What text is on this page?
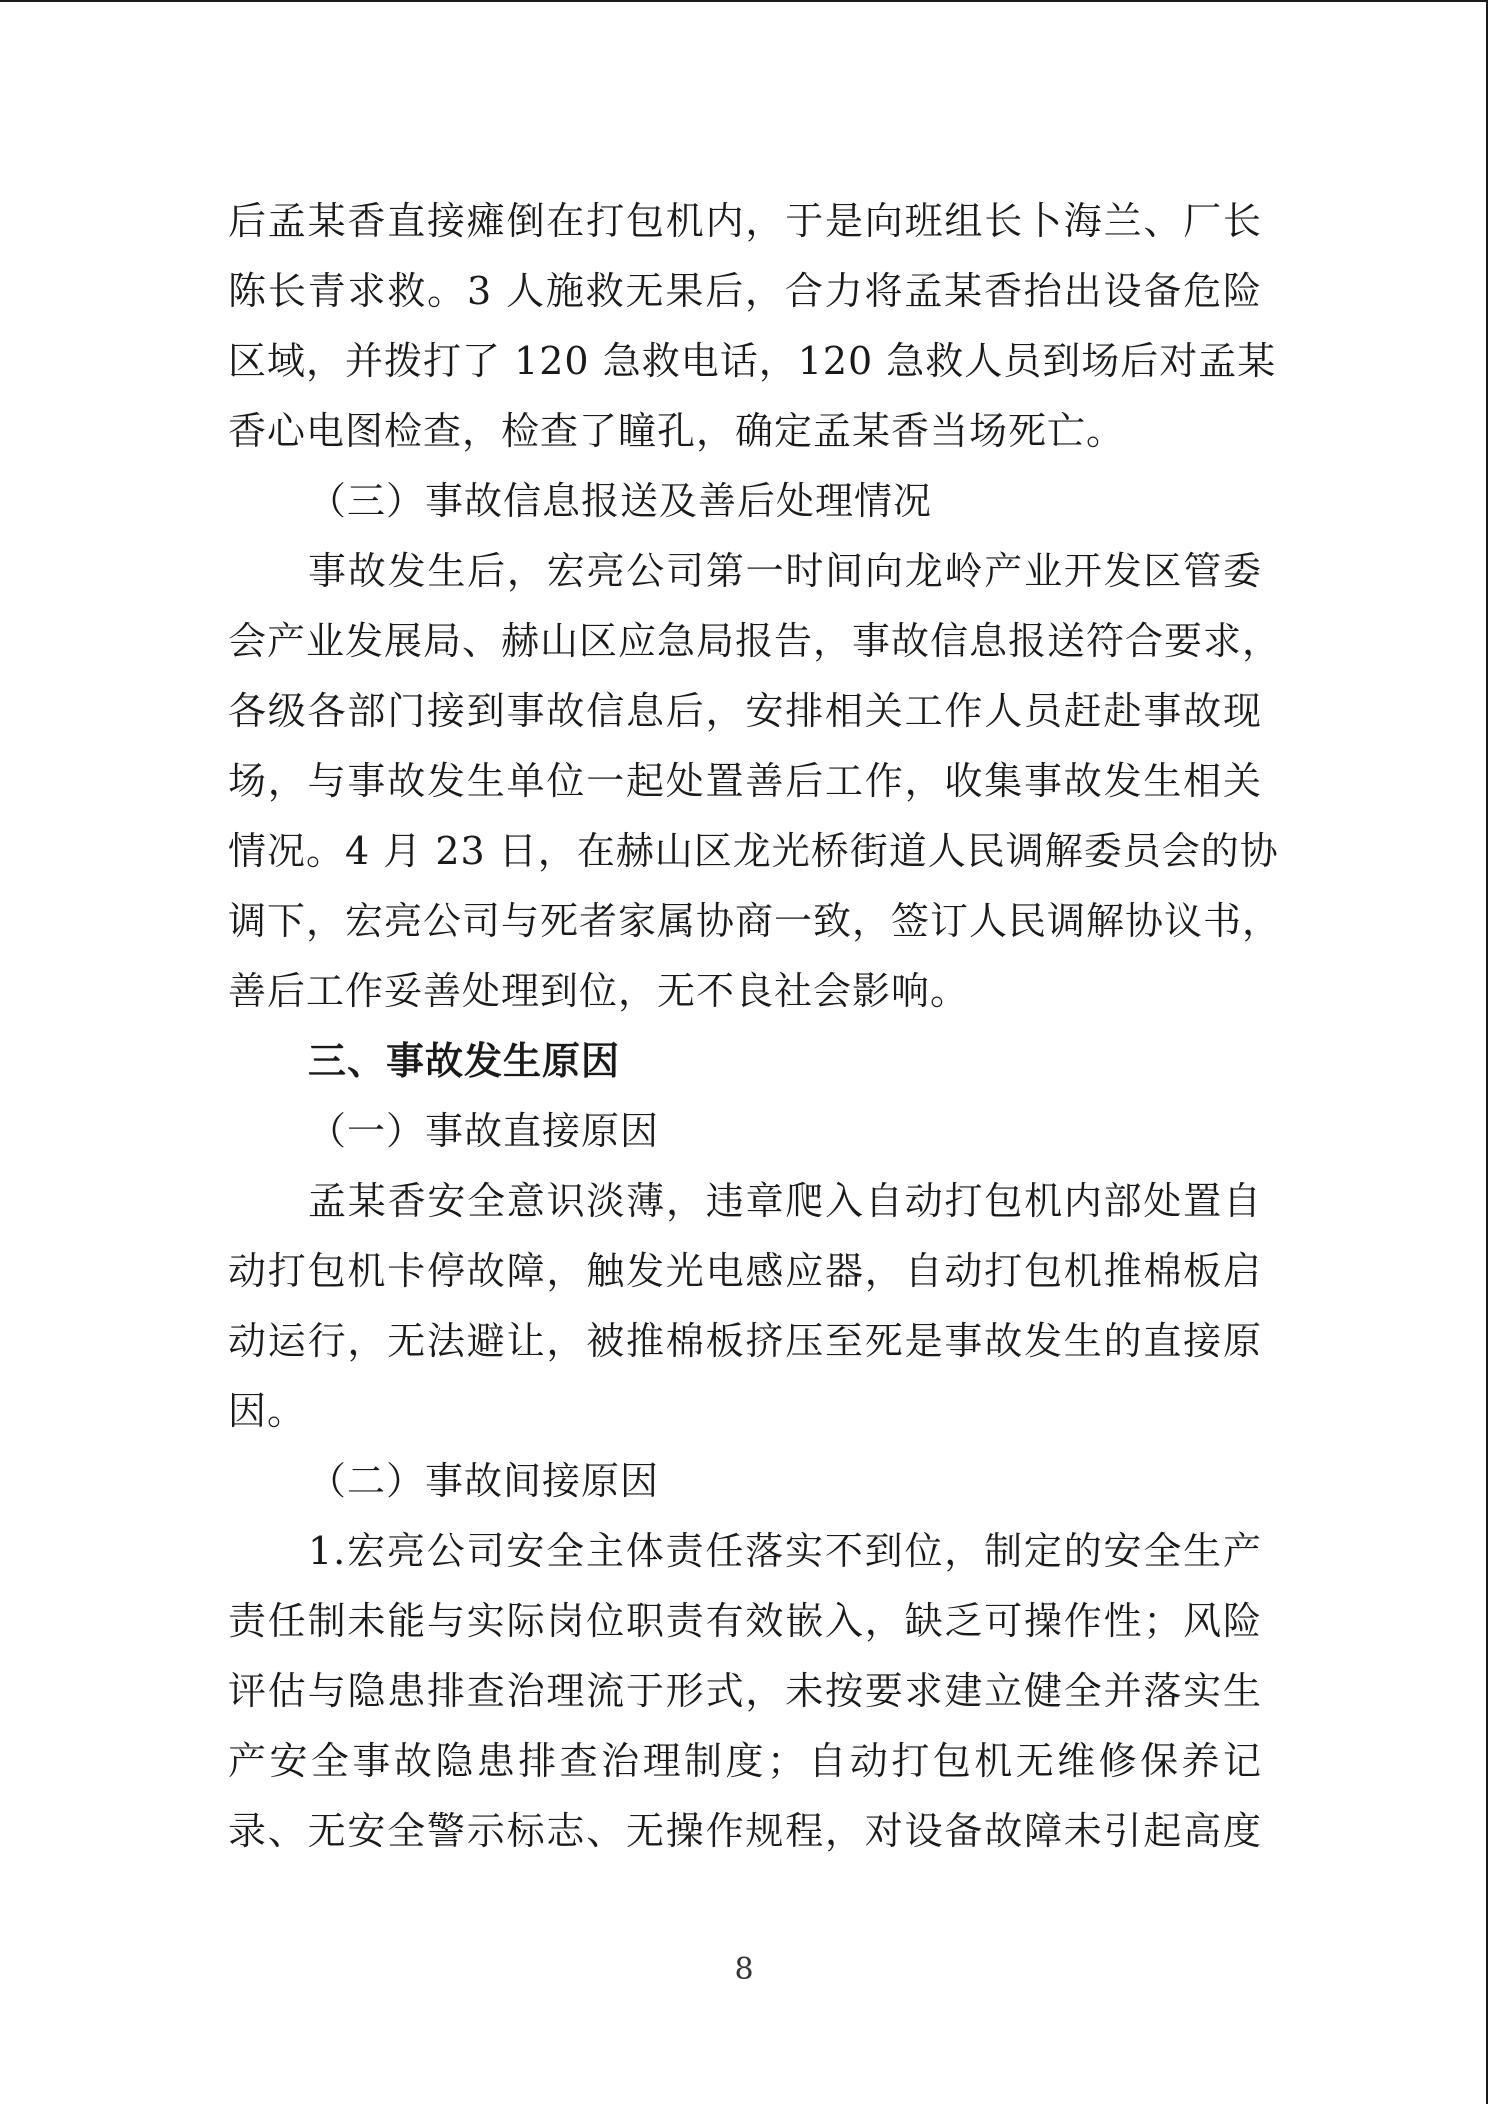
后孟某香直接瘫倒在打包机内，于是向班组长卜海兰、厂长
陈长青求救。3 人施救无果后，合力将孟某香抬出设备危险
区域，并拨打了 120 急救电话，120 急救人员到场后对孟某
香心电图检查，检查了瞳孔，确定孟某香当场死亡。
（三）事故信息报送及善后处理情况
事故发生后，宏亮公司第一时间向龙岭产业开发区管委
会产业发展局、赫山区应急局报告，事故信息报送符合要求，
各级各部门接到事故信息后，安排相关工作人员赶赴事故现
场，与事故发生单位一起处置善后工作，收集事故发生相关
情况。4 月 23 日，在赫山区龙光桥街道人民调解委员会的协
调下，宏亮公司与死者家属协商一致，签订人民调解协议书，
善后工作妥善处理到位，无不良社会影响。
三、事故发生原因
（一）事故直接原因
孟某香安全意识淡薄，违章爬入自动打包机内部处置自
动打包机卡停故障，触发光电感应器，自动打包机推棉板启
动运行，无法避让，被推棉板挤压至死是事故发生的直接原
因。
（二）事故间接原因
1.宏亮公司安全主体责任落实不到位，制定的安全生产
责任制未能与实际岗位职责有效嵌入，缺乏可操作性；风险
评估与隐患排查治理流于形式，未按要求建立健全并落实生
产安全事故隐患排查治理制度；自动打包机无维修保养记
录、无安全警示标志、无操作规程，对设备故障未引起高度
8
